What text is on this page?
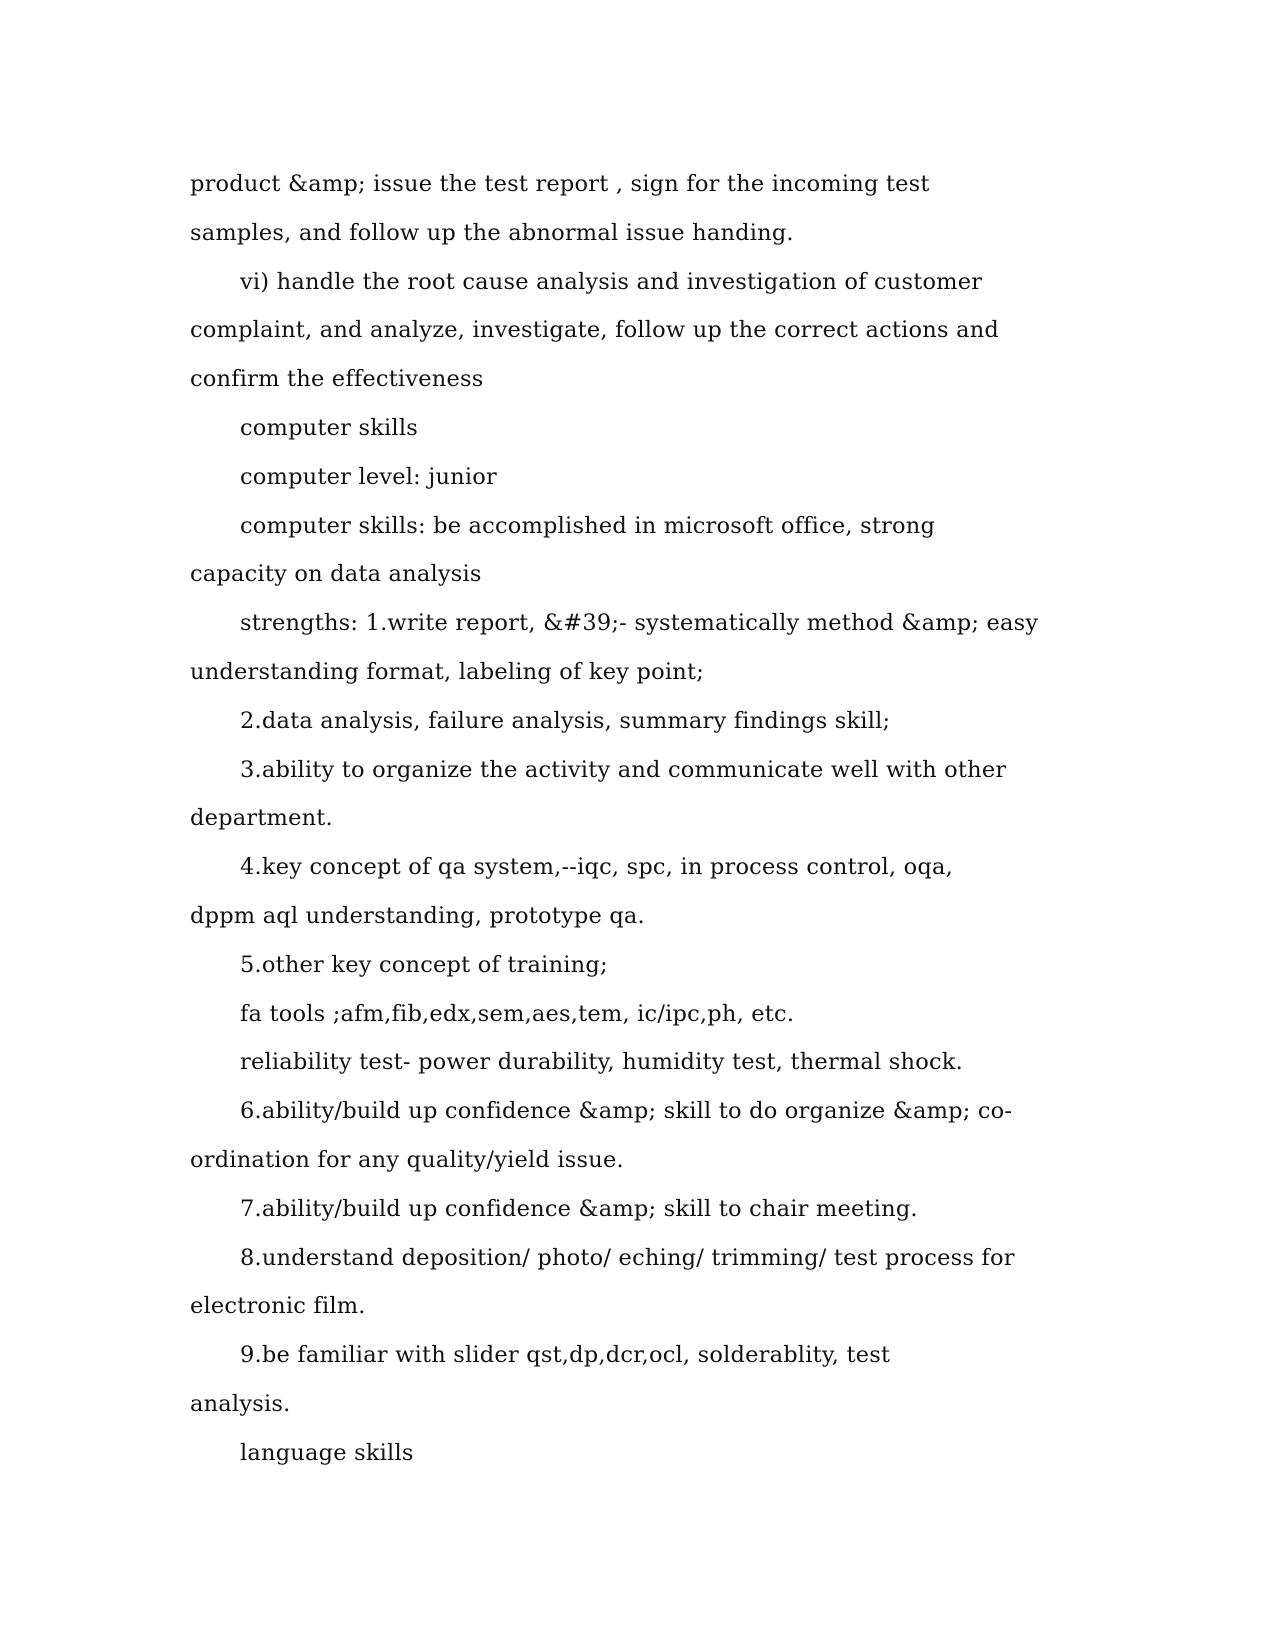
product &amp; issue the test report , sign for the incoming test
samples, and follow up the abnormal issue handing.
vi) handle the root cause analysis and investigation of customer
complaint, and analyze, investigate, follow up the correct actions and
confirm the effectiveness
computer skills
computer level: junior
computer skills: be accomplished in microsoft office, strong
capacity on data analysis
strengths: 1.write report, &#39;- systematically method &amp; easy
understanding format, labeling of key point;
2.data analysis, failure analysis, summary findings skill;
3.ability to organize the activity and communicate well with other
department.
4.key concept of qa system,--iqc, spc, in process control, oqa,
dppm aql understanding, prototype qa.
5.other key concept of training;
fa tools ;afm,fib,edx,sem,aes,tem, ic/ipc,ph, etc.
reliability test- power durability, humidity test, thermal shock.
6.ability/build up confidence &amp; skill to do organize &amp; co-
ordination for any quality/yield issue.
7.ability/build up confidence &amp; skill to chair meeting.
8.understand deposition/ photo/ eching/ trimming/ test process for
electronic film.
9.be familiar with slider qst,dp,dcr,ocl, solderablity, test
analysis.
language skills
